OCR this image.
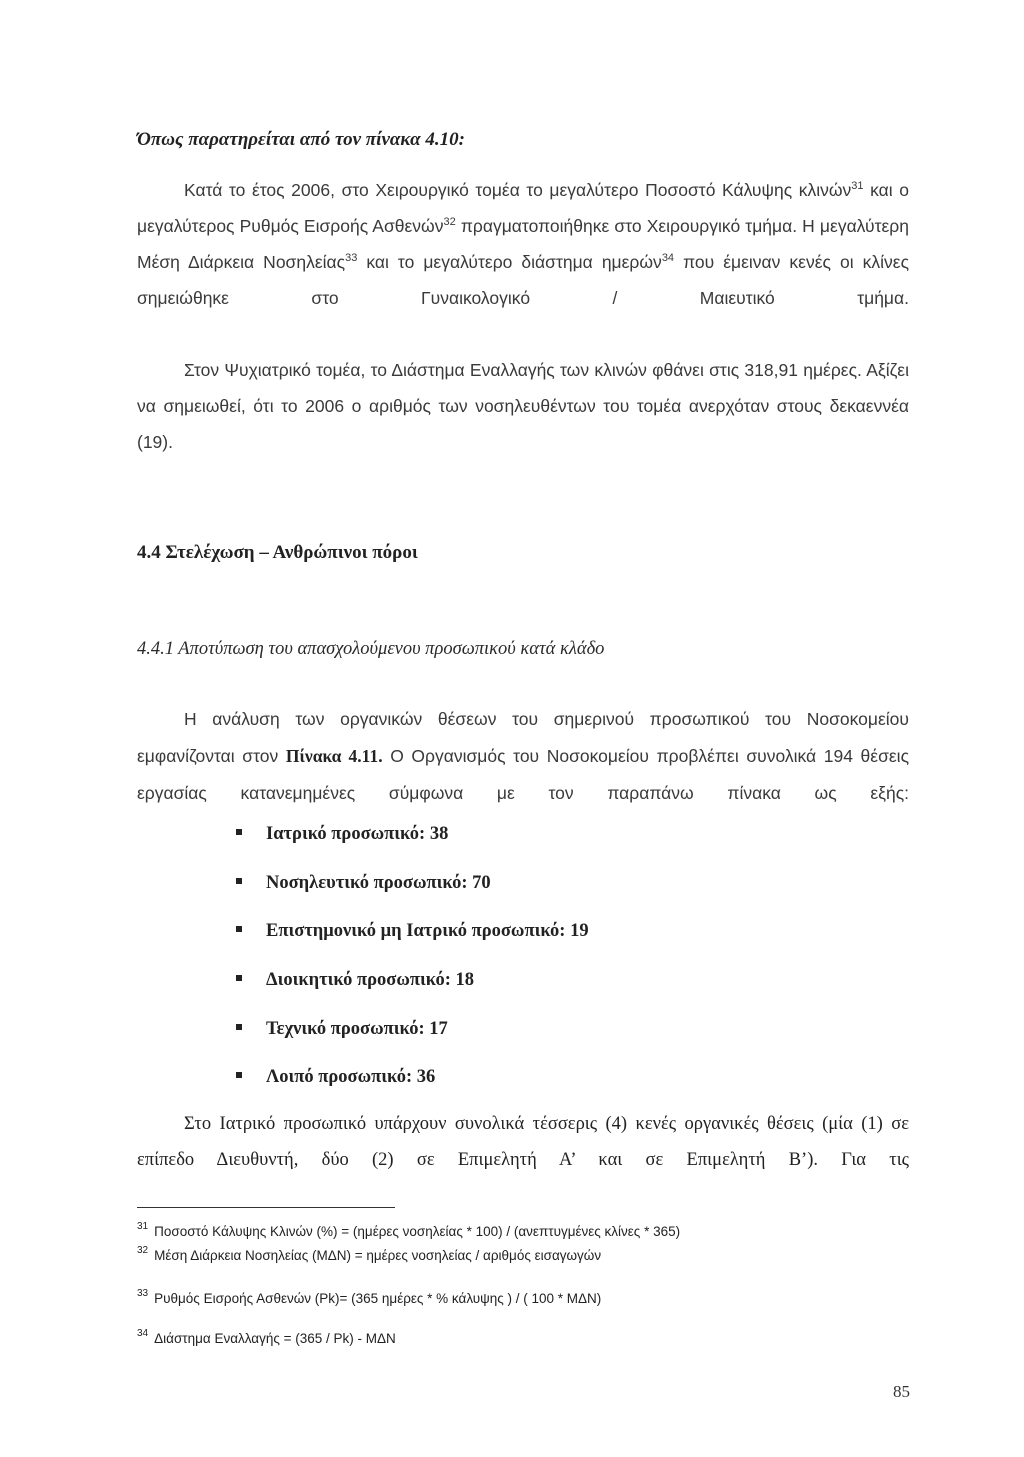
Όπως παρατηρείται από τον πίνακα 4.10:

Κατά το έτος 2006, στο Χειρουργικό τομέα το μεγαλύτερο Ποσοστό Κάλυψης κλινών$^{31}$ και ο μεγαλύτερος Ρυθμός Εισροής Ασθενών$^{32}$ πραγματοποιήθηκε στο Χειρουργικό τμήμα. Η μεγαλύτερη Μέση Διάρκεια Νοσηλείας$^{33}$ και το μεγαλύτερο διάστημα ημερών$^{34}$ που έμειναν κενές οι κλίνες σημειώθηκε στο Γυναικολογικό / Μαιευτικό τμήμα.

Στον Ψυχιατρικό τομέα, το Διάστημα Εναλλαγής των κλινών φθάνει στις 318,91 ημέρες. Αξίζει να σημειωθεί, ότι το 2006 ο αριθμός των νοσηλευθέντων του τομέα ανερχόταν στους δεκαεννέα (19).

4.4 Στελέχωση – Ανθρώπινοι πόροι

4.4.1 Αποτύπωση του απασχολούμενου προσωπικού κατά κλάδο

Η ανάλυση των οργανικών θέσεων του σημερινού προσωπικού του Νοσοκομείου εμφανίζονται στον Πίνακα 4.11. Ο Οργανισμός του Νοσοκομείου προβλέπει συνολικά 194 θέσεις εργασίας κατανεμημένες σύμφωνα με τον παραπάνω πίνακα ως εξής:

Ιατρικό προσωπικό: 38
Νοσηλευτικό προσωπικό: 70
Επιστημονικό μη Ιατρικό προσωπικό: 19
Διοικητικό προσωπικό: 18
Τεχνικό προσωπικό: 17
Λοιπό προσωπικό: 36

Στο Ιατρικό προσωπικό υπάρχουν συνολικά τέσσερις (4) κενές οργανικές θέσεις (μία (1) σε επίπεδο Διευθυντή, δύο (2) σε Επιμελητή Α’ και σε Επιμελητή Β’). Για τις

$^{31}$ Ποσοστό Κάλυψης Κλινών (%) = (ημέρες νοσηλείας * 100) / (ανεπτυγμένες κλίνες * 365)
$^{32}$ Μέση Διάρκεια Νοσηλείας (ΜΔΝ) = ημέρες νοσηλείας / αριθμός εισαγωγών
$^{33}$ Ρυθμός Εισροής Ασθενών (Pk)= (365 ημέρες * % κάλυψης ) / ( 100 * ΜΔΝ)
$^{34}$ Διάστημα Εναλλαγής = (365 / Pk) - ΜΔΝ
85
